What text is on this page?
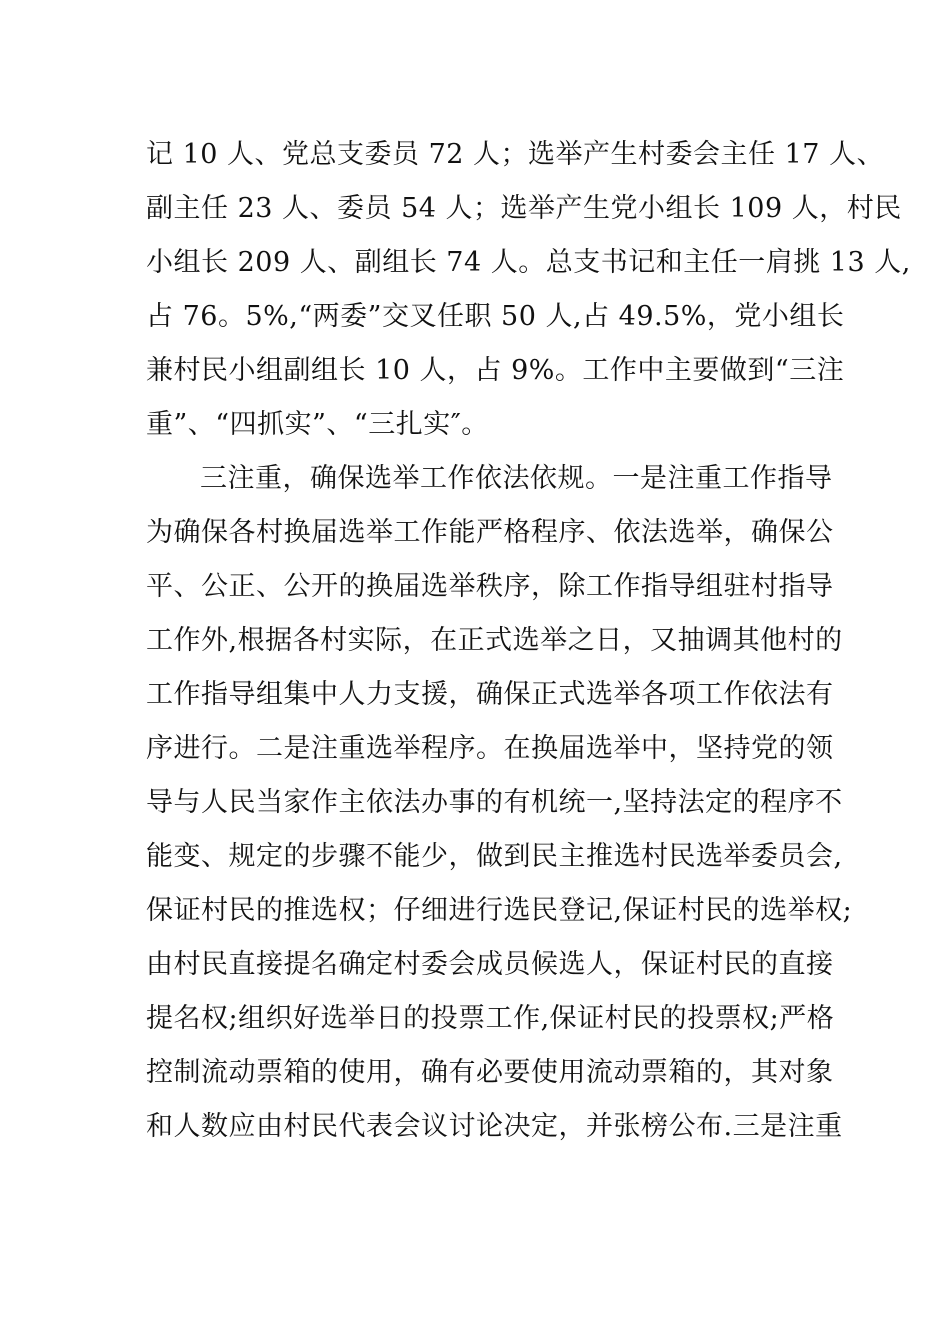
记 10 人、党总支委员 72 人；选举产生村委会主任 17 人、
副主任 23 人、委员 54 人；选举产生党小组长 109 人，村民
小组长 209 人、副组长 74 人。总支书记和主任一肩挑 13 人,
占 76。5%,“两委”交叉任职 50 人,占 49.5%，党小组长
兼村民小组副组长 10 人，占 9%。工作中主要做到“三注
重”、“四抓实”、“三扎实″。
三注重，确保选举工作依法依规。一是注重工作指导
为确保各村换届选举工作能严格程序、依法选举，确保公
平、公正、公开的换届选举秩序，除工作指导组驻村指导
工作外,根据各村实际，在正式选举之日，又抽调其他村的
工作指导组集中人力支援，确保正式选举各项工作依法有
序进行。二是注重选举程序。在换届选举中，坚持党的领
导与人民当家作主依法办事的有机统一,坚持法定的程序不
能变、规定的步骤不能少，做到民主推选村民选举委员会,
保证村民的推选权；仔细进行选民登记,保证村民的选举权;
由村民直接提名确定村委会成员候选人，保证村民的直接
提名权;组织好选举日的投票工作,保证村民的投票权;严格
控制流动票箱的使用，确有必要使用流动票箱的，其对象
和人数应由村民代表会议讨论决定，并张榜公布.三是注重
